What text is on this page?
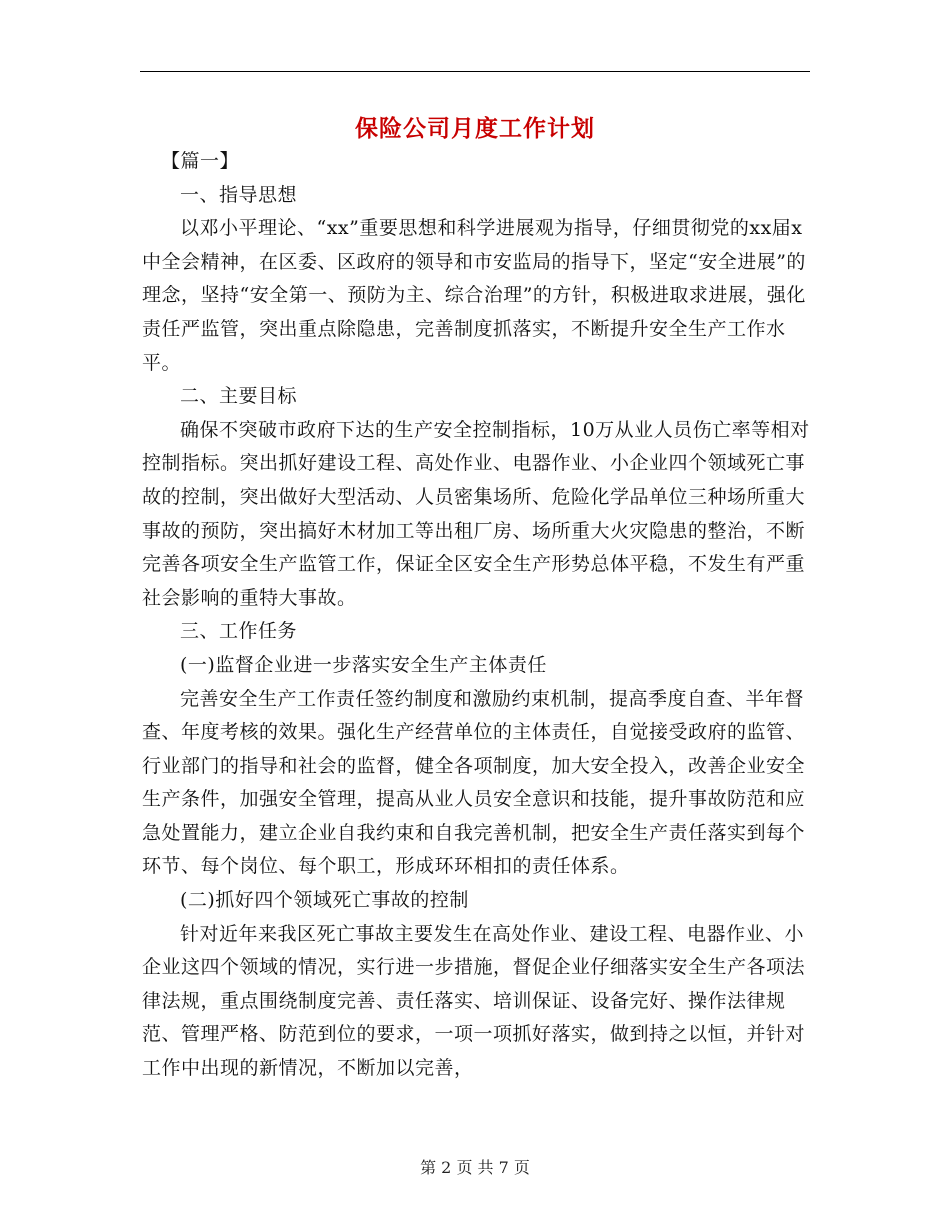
保险公司月度工作计划

【篇一】

一、指导思想

以邓小平理论、“xx”重要思想和科学进展观为指导，仔细贯彻党的xx届x中全会精神，在区委、区政府的领导和市安监局的指导下，坚定“安全进展”的理念，坚持“安全第一、预防为主、综合治理”的方针，积极进取求进展，强化责任严监管，突出重点除隐患，完善制度抓落实，不断提升安全生产工作水平。

二、主要目标

确保不突破市政府下达的生产安全控制指标，10万从业人员伤亡率等相对控制指标。突出抓好建设工程、高处作业、电器作业、小企业四个领域死亡事故的控制，突出做好大型活动、人员密集场所、危险化学品单位三种场所重大事故的预防，突出搞好木材加工等出租厂房、场所重大火灾隐患的整治，不断完善各项安全生产监管工作，保证全区安全生产形势总体平稳，不发生有严重社会影响的重特大事故。

三、工作任务

(一)监督企业进一步落实安全生产主体责任

完善安全生产工作责任签约制度和激励约束机制，提高季度自查、半年督查、年度考核的效果。强化生产经营单位的主体责任，自觉接受政府的监管、行业部门的指导和社会的监督，健全各项制度，加大安全投入，改善企业安全生产条件，加强安全管理，提高从业人员安全意识和技能，提升事故防范和应急处置能力，建立企业自我约束和自我完善机制，把安全生产责任落实到每个环节、每个岗位、每个职工，形成环环相扣的责任体系。

(二)抓好四个领域死亡事故的控制

针对近年来我区死亡事故主要发生在高处作业、建设工程、电器作业、小企业这四个领域的情况，实行进一步措施，督促企业仔细落实安全生产各项法律法规，重点围绕制度完善、责任落实、培训保证、设备完好、操作法律规范、管理严格、防范到位的要求，一项一项抓好落实，做到持之以恒，并针对工作中出现的新情况，不断加以完善，

第 2 页 共 7 页
